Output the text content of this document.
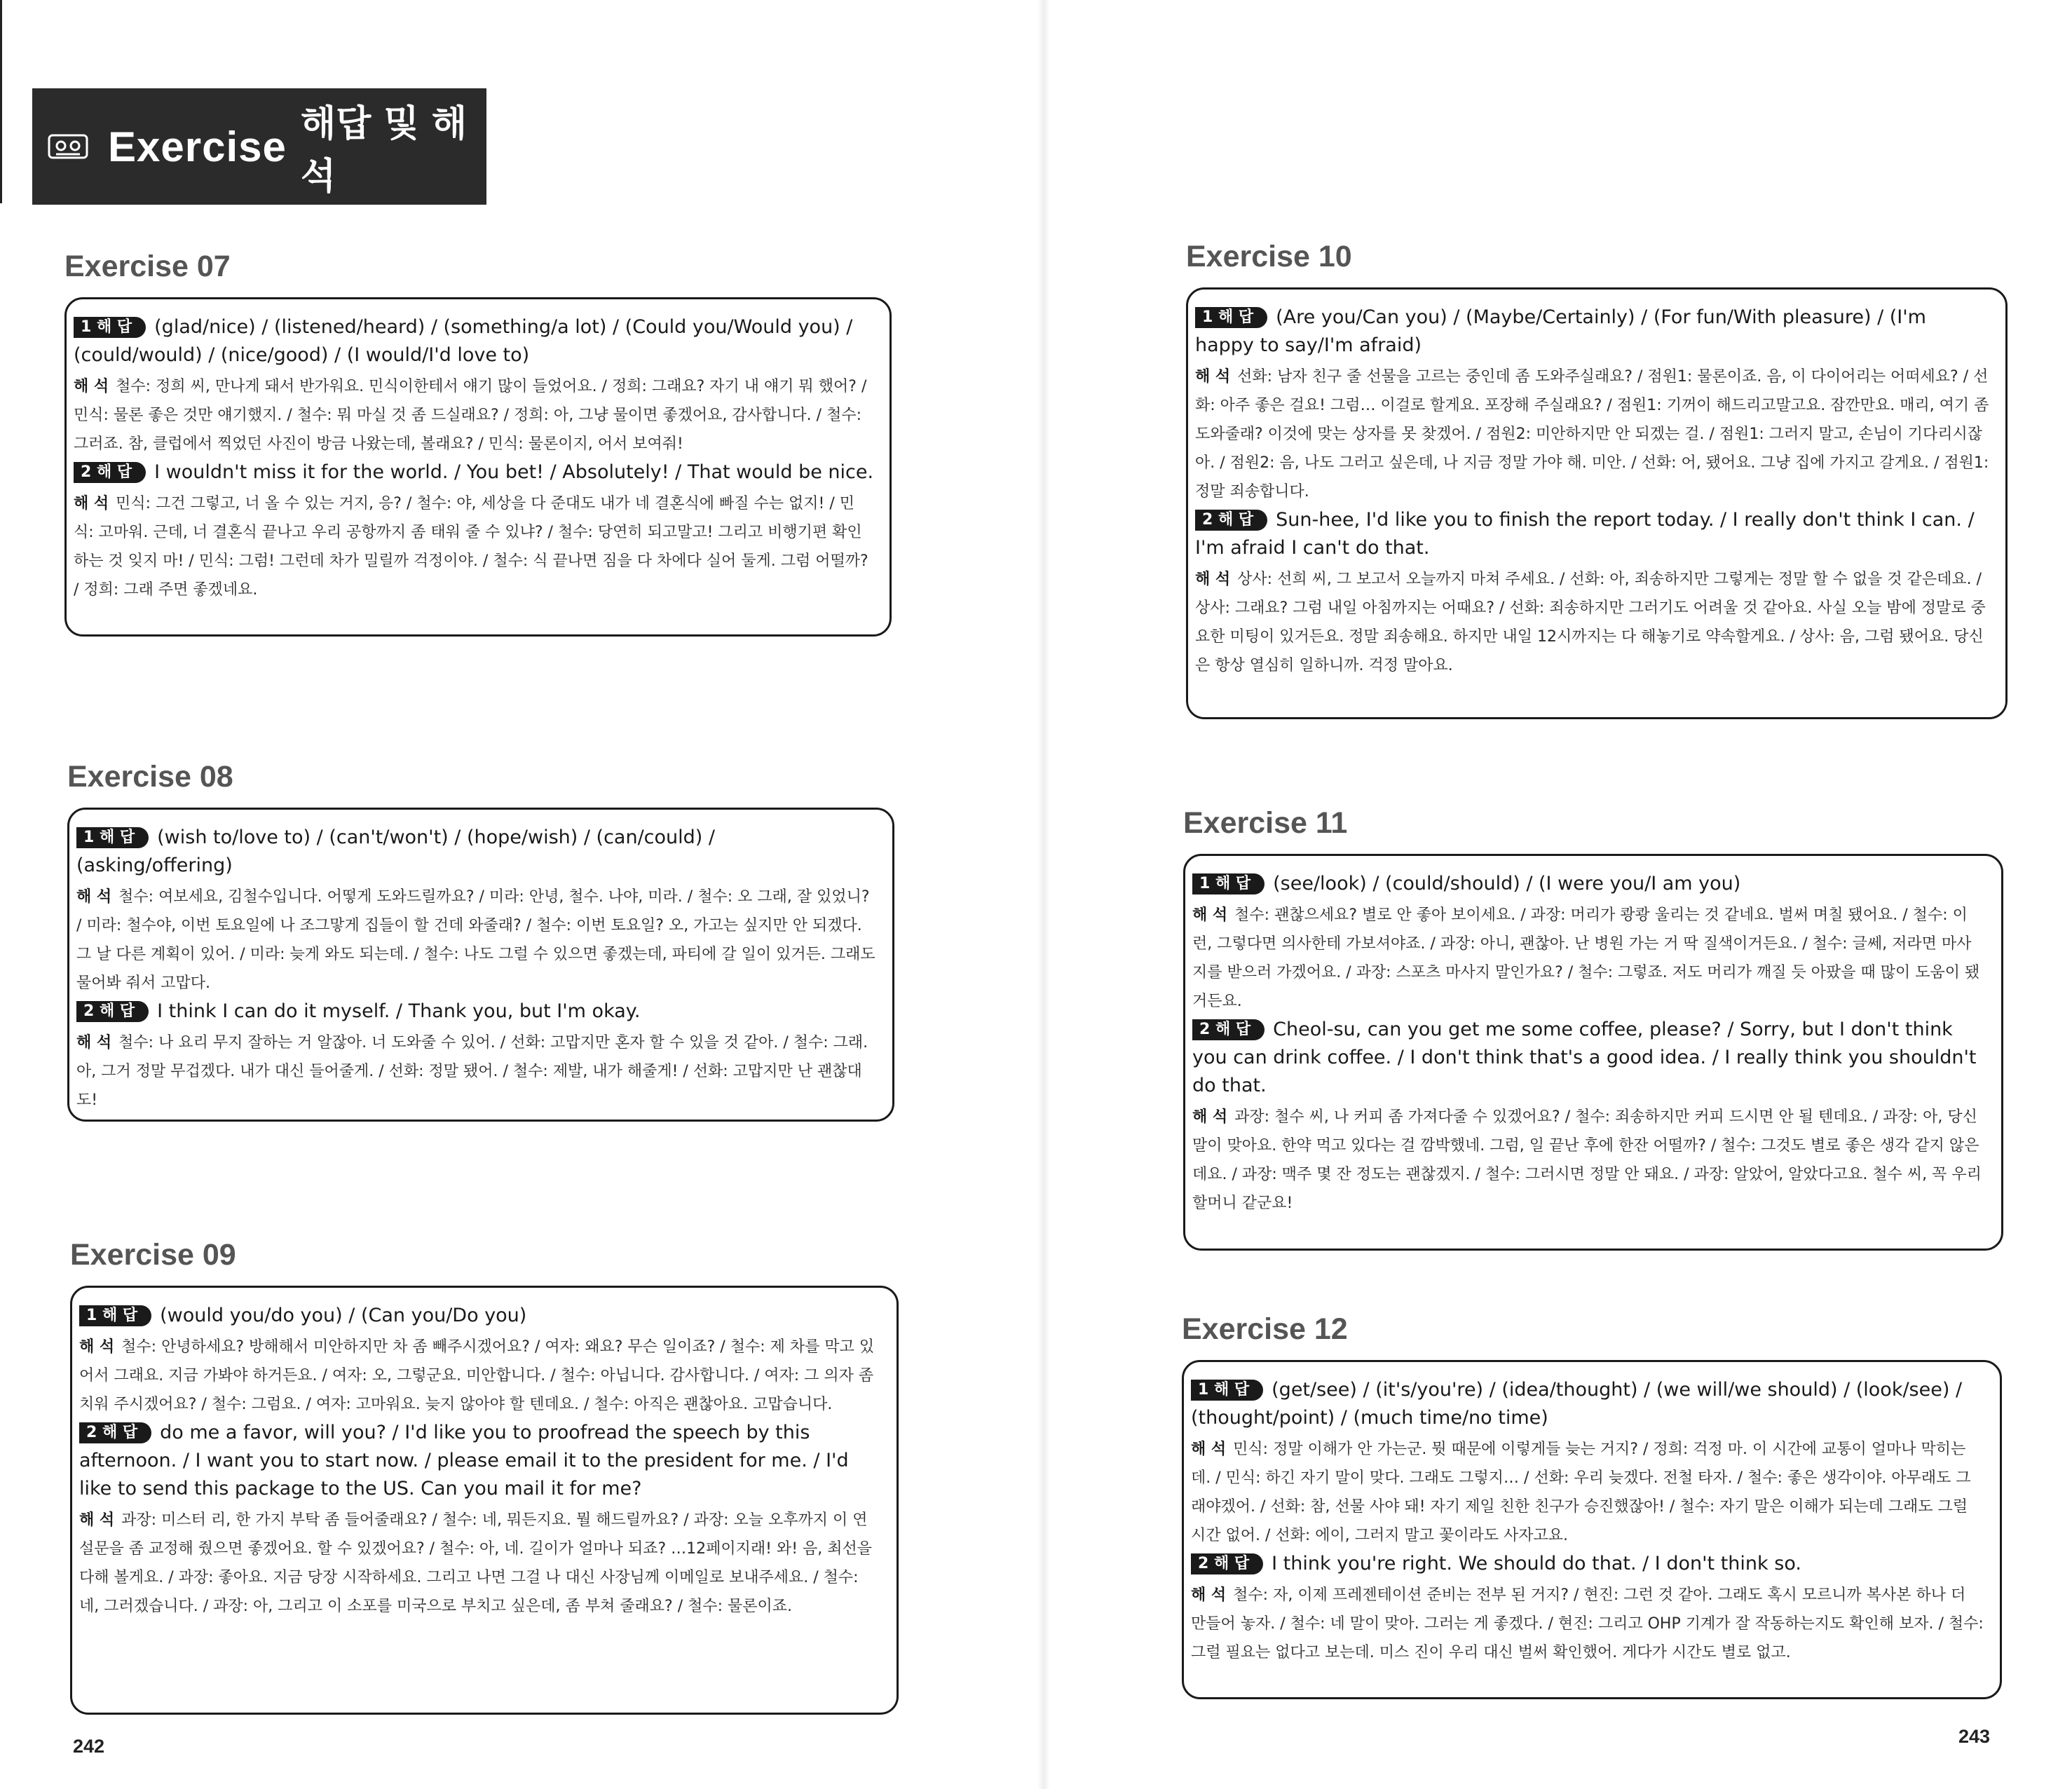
Exercise 해답 및 해석
Exercise 07
1 해 답 (glad/nice) / (listened/heard) / (something/a lot) / (Could you/Would you) / (could/would) / (nice/good) / (I would/I'd love to)
해 석 철수: 정희 씨, 만나게 돼서 반가워요. 민식이한테서 얘기 많이 들었어요. / 정희: 그래요? 자기 내 얘기 뭐 했어? / 민식: 물론 좋은 것만 얘기했지. / 철수: 뭐 마실 것 좀 드실래요? / 정희: 아, 그냥 물이면 좋겠어요, 감사합니다. / 철수: 그러죠. 참, 클럽에서 찍었던 사진이 방금 나왔는데, 볼래요? / 민식: 물론이지, 어서 보여줘!
2 해 답 I wouldn't miss it for the world. / You bet! / Absolutely! / That would be nice.
해 석 민식: 그건 그렇고, 너 올 수 있는 거지, 응? / 철수: 야, 세상을 다 준대도 내가 네 결혼식에 빠질 수는 없지! / 민식: 고마워. 근데, 너 결혼식 끝나고 우리 공항까지 좀 태워 줄 수 있냐? / 철수: 당연히 되고말고! 그리고 비행기편 확인하는 것 잊지 마! / 민식: 그럼! 그런데 차가 밀릴까 걱정이야. / 철수: 식 끝나면 짐을 다 차에다 실어 둘게. 그럼 어떨까? / 정희: 그래 주면 좋겠네요.
Exercise 08
1 해 답 (wish to/love to) / (can't/won't) / (hope/wish) / (can/could) / (asking/offering)
해 석 철수: 여보세요, 김철수입니다. 어떻게 도와드릴까요? / 미라: 안녕, 철수. 나야, 미라. / 철수: 오 그래, 잘 있었니? / 미라: 철수야, 이번 토요일에 나 조그맣게 집들이 할 건데 와줄래? / 철수: 이번 토요일? 오, 가고는 싶지만 안 되겠다. 그 날 다른 계획이 있어. / 미라: 늦게 와도 되는데. / 철수: 나도 그럴 수 있으면 좋겠는데, 파티에 갈 일이 있거든. 그래도 물어봐 줘서 고맙다.
2 해 답 I think I can do it myself. / Thank you, but I'm okay.
해 석 철수: 나 요리 무지 잘하는 거 알잖아. 너 도와줄 수 있어. / 선화: 고맙지만 혼자 할 수 있을 것 같아. / 철수: 그래. 아, 그거 정말 무겁겠다. 내가 대신 들어줄게. / 선화: 정말 됐어. / 철수: 제발, 내가 해줄게! / 선화: 고맙지만 난 괜찮대도!
Exercise 09
1 해 답 (would you/do you) / (Can you/Do you)
해 석 철수: 안녕하세요? 방해해서 미안하지만 차 좀 빼주시겠어요? / 여자: 왜요? 무슨 일이죠? / 철수: 제 차를 막고 있어서 그래요. 지금 가봐야 하거든요. / 여자: 오, 그렇군요. 미안합니다. / 철수: 아닙니다. 감사합니다. / 여자: 그 의자 좀 치워 주시겠어요? / 철수: 그럼요. / 여자: 고마워요. 늦지 않아야 할 텐데요. / 철수: 아직은 괜찮아요. 고맙습니다.
2 해 답 do me a favor, will you? / I'd like you to proofread the speech by this afternoon. / I want you to start now. / please email it to the president for me. / I'd like to send this package to the US. Can you mail it for me?
해 석 과장: 미스터 리, 한 가지 부탁 좀 들어줄래요? / 철수: 네, 뭐든지요. 뭘 해드릴까요? / 과장: 오늘 오후까지 이 연설문을 좀 교정해 줬으면 좋겠어요. 할 수 있겠어요? / 철수: 아, 네. 길이가 얼마나 되죠? …12페이지래! 와! 음, 최선을 다해 볼게요. / 과장: 좋아요. 지금 당장 시작하세요. 그리고 나면 그걸 나 대신 사장님께 이메일로 보내주세요. / 철수: 네, 그러겠습니다. / 과장: 아, 그리고 이 소포를 미국으로 부치고 싶은데, 좀 부쳐 줄래요? / 철수: 물론이죠.
Exercise 10
1 해 답 (Are you/Can you) / (Maybe/Certainly) / (For fun/With pleasure) / (I'm happy to say/I'm afraid)
해 석 선화: 남자 친구 줄 선물을 고르는 중인데 좀 도와주실래요? / 점원1: 물론이죠. 음, 이 다이어리는 어떠세요? / 선화: 아주 좋은 걸요! 그럼… 이걸로 할게요. 포장해 주실래요? / 점원1: 기꺼이 해드리고말고요. 잠깐만요. 매리, 여기 좀 도와줄래? 이것에 맞는 상자를 못 찾겠어. / 점원2: 미안하지만 안 되겠는 걸. / 점원1: 그러지 말고, 손님이 기다리시잖아. / 점원2: 음, 나도 그러고 싶은데, 나 지금 정말 가야 해. 미안. / 선화: 어, 됐어요. 그냥 집에 가지고 갈게요. / 점원1: 정말 죄송합니다.
2 해 답 Sun-hee, I'd like you to finish the report today. / I really don't think I can. / I'm afraid I can't do that.
해 석 상사: 선희 씨, 그 보고서 오늘까지 마쳐 주세요. / 선화: 아, 죄송하지만 그렇게는 정말 할 수 없을 것 같은데요. / 상사: 그래요? 그럼 내일 아침까지는 어때요? / 선화: 죄송하지만 그러기도 어려울 것 같아요. 사실 오늘 밤에 정말로 중요한 미팅이 있거든요. 정말 죄송해요. 하지만 내일 12시까지는 다 해놓기로 약속할게요. / 상사: 음, 그럼 됐어요. 당신은 항상 열심히 일하니까. 걱정 말아요.
Exercise 11
1 해 답 (see/look) / (could/should) / (I were you/I am you)
해 석 철수: 괜찮으세요? 별로 안 좋아 보이세요. / 과장: 머리가 쾅쾅 울리는 것 같네요. 벌써 며칠 됐어요. / 철수: 이런, 그렇다면 의사한테 가보셔야죠. / 과장: 아니, 괜찮아. 난 병원 가는 거 딱 질색이거든요. / 철수: 글쎄, 저라면 마사지를 받으러 가겠어요. / 과장: 스포츠 마사지 말인가요? / 철수: 그렇죠. 저도 머리가 깨질 듯 아팠을 때 많이 도움이 됐거든요.
2 해 답 Cheol-su, can you get me some coffee, please? / Sorry, but I don't think you can drink coffee. / I don't think that's a good idea. / I really think you shouldn't do that.
해 석 과장: 철수 씨, 나 커피 좀 가져다줄 수 있겠어요? / 철수: 죄송하지만 커피 드시면 안 될 텐데요. / 과장: 아, 당신 말이 맞아요. 한약 먹고 있다는 걸 깜박했네. 그럼, 일 끝난 후에 한잔 어떨까? / 철수: 그것도 별로 좋은 생각 같지 않은데요. / 과장: 맥주 몇 잔 정도는 괜찮겠지. / 철수: 그러시면 정말 안 돼요. / 과장: 알았어, 알았다고요. 철수 씨, 꼭 우리 할머니 같군요!
Exercise 12
1 해 답 (get/see) / (it's/you're) / (idea/thought) / (we will/we should) / (look/see) / (thought/point) / (much time/no time)
해 석 민식: 정말 이해가 안 가는군. 뭣 때문에 이렇게들 늦는 거지? / 정희: 걱정 마. 이 시간에 교통이 얼마나 막히는데. / 민식: 하긴 자기 말이 맞다. 그래도 그렇지… / 선화: 우리 늦겠다. 전철 타자. / 철수: 좋은 생각이야. 아무래도 그래야겠어. / 선화: 참, 선물 사야 돼! 자기 제일 친한 친구가 승진했잖아! / 철수: 자기 말은 이해가 되는데 그래도 그럴 시간 없어. / 선화: 에이, 그러지 말고 꽃이라도 사자고요.
2 해 답 I think you're right. We should do that. / I don't think so.
해 석 철수: 자, 이제 프레젠테이션 준비는 전부 된 거지? / 현진: 그런 것 같아. 그래도 혹시 모르니까 복사본 하나 더 만들어 놓자. / 철수: 네 말이 맞아. 그러는 게 좋겠다. / 현진: 그리고 OHP 기계가 잘 작동하는지도 확인해 보자. / 철수: 그럴 필요는 없다고 보는데. 미스 진이 우리 대신 벌써 확인했어. 게다가 시간도 별로 없고.
242	243
